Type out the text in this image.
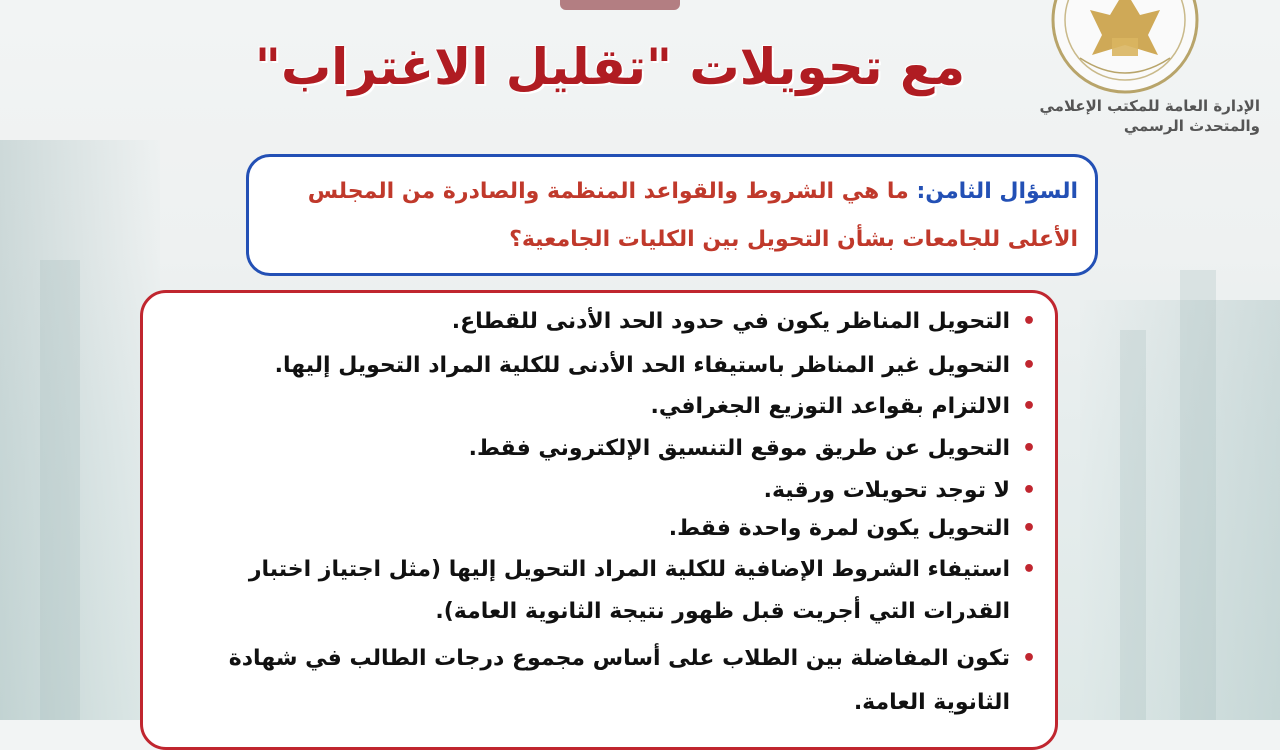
مع تحويلات "تقليل الاغتراب"

الإدارة العامة للمكتب الإعلامي
والمتحدث الرسمي

السؤال الثامن: ما هي الشروط والقواعد المنظمة والصادرة من المجلس الأعلى للجامعات بشأن التحويل بين الكليات الجامعية؟

•
التحويل المناظر يكون في حدود الحد الأدنى للقطاع.
•
التحويل غير المناظر باستيفاء الحد الأدنى للكلية المراد التحويل إليها.
•
الالتزام بقواعد التوزيع الجغرافي.
•
التحويل عن طريق موقع التنسيق الإلكتروني فقط.
•
لا توجد تحويلات ورقية.
•
التحويل يكون لمرة واحدة فقط.
•
استيفاء الشروط الإضافية للكلية المراد التحويل إليها (مثل اجتياز اختبار القدرات التي أجريت قبل ظهور نتيجة الثانوية العامة).
•
تكون المفاضلة بين الطلاب على أساس مجموع درجات الطالب في شهادة الثانوية العامة.
